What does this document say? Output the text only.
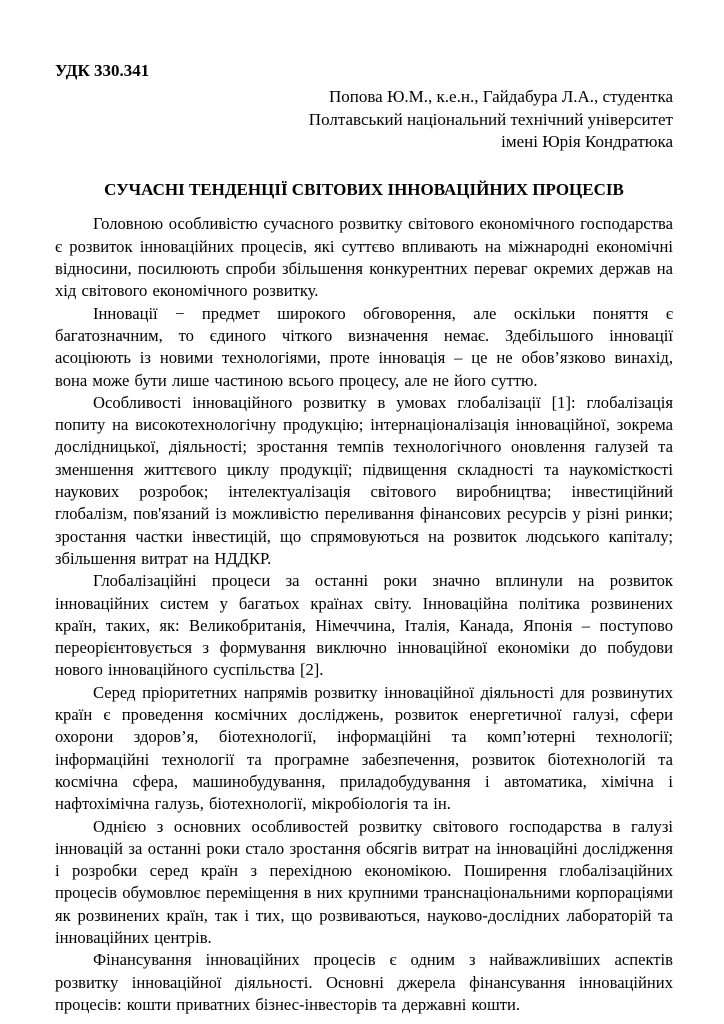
УДК 330.341
Попова Ю.М., к.е.н., Гайдабура Л.А., студентка
Полтавський національний технічний університет
імені Юрія Кондратюка
СУЧАСНІ ТЕНДЕНЦІЇ СВІТОВИХ ІННОВАЦІЙНИХ ПРОЦЕСІВ

Головною особливістю сучасного розвитку світового економічного господарства є розвиток інноваційних процесів, які суттєво впливають на міжнародні економічні відносини, посилюють спроби збільшення конкурентних переваг окремих держав на хід світового економічного розвитку.

Інновації − предмет широкого обговорення, але оскільки поняття є багатозначним, то єдиного чіткого визначення немає. Здебільшого інновації асоціюють із новими технологіями, проте інновація – це не обов’язково винахід, вона може бути лише частиною всього процесу, але не його суттю.

Особливості інноваційного розвитку в умовах глобалізації [1]: глобалізація попиту на високотехнологічну продукцію; інтернаціоналізація інноваційної, зокрема дослідницької, діяльності; зростання темпів технологічного оновлення галузей та зменшення життєвого циклу продукції; підвищення складності та наукомісткості наукових розробок; інтелектуалізація світового виробництва; інвестиційний глобалізм, пов'язаний із можливістю переливання фінансових ресурсів у різні ринки; зростання частки інвестицій, що спрямовуються на розвиток людського капіталу; збільшення витрат на НДДКР.

Глобалізаційні процеси за останні роки значно вплинули на розвиток інноваційних систем у багатьох країнах світу. Інноваційна політика розвинених країн, таких, як: Великобританія, Німеччина, Італія, Канада, Японія – поступово переорієнтовується з формування виключно інноваційної економіки до побудови нового інноваційного суспільства [2].

Серед пріоритетних напрямів розвитку інноваційної діяльності для розвинутих країн є проведення космічних досліджень, розвиток енергетичної галузі, сфери охорони здоров’я, біотехнології, інформаційні та комп’ютерні технології; інформаційні технології та програмне забезпечення, розвиток біотехнологій та космічна сфера, машинобудування, приладобудування і автоматика, хімічна і нафтохімічна галузь, біотехнології, мікробіологія та ін.

Однією з основних особливостей розвитку світового господарства в галузі інновацій за останні роки стало зростання обсягів витрат на інноваційні дослідження і розробки серед країн з перехідною економікою. Поширення глобалізаційних процесів обумовлює переміщення в них крупними транснаціональними корпораціями як розвинених країн, так і тих, що розвиваються, науково-дослідних лабораторій та інноваційних центрів.

Фінансування інноваційних процесів є одним з найважливіших аспектів розвитку інноваційної діяльності. Основні джерела фінансування інноваційних процесів: кошти приватних бізнес-інвесторів та державні кошти.
